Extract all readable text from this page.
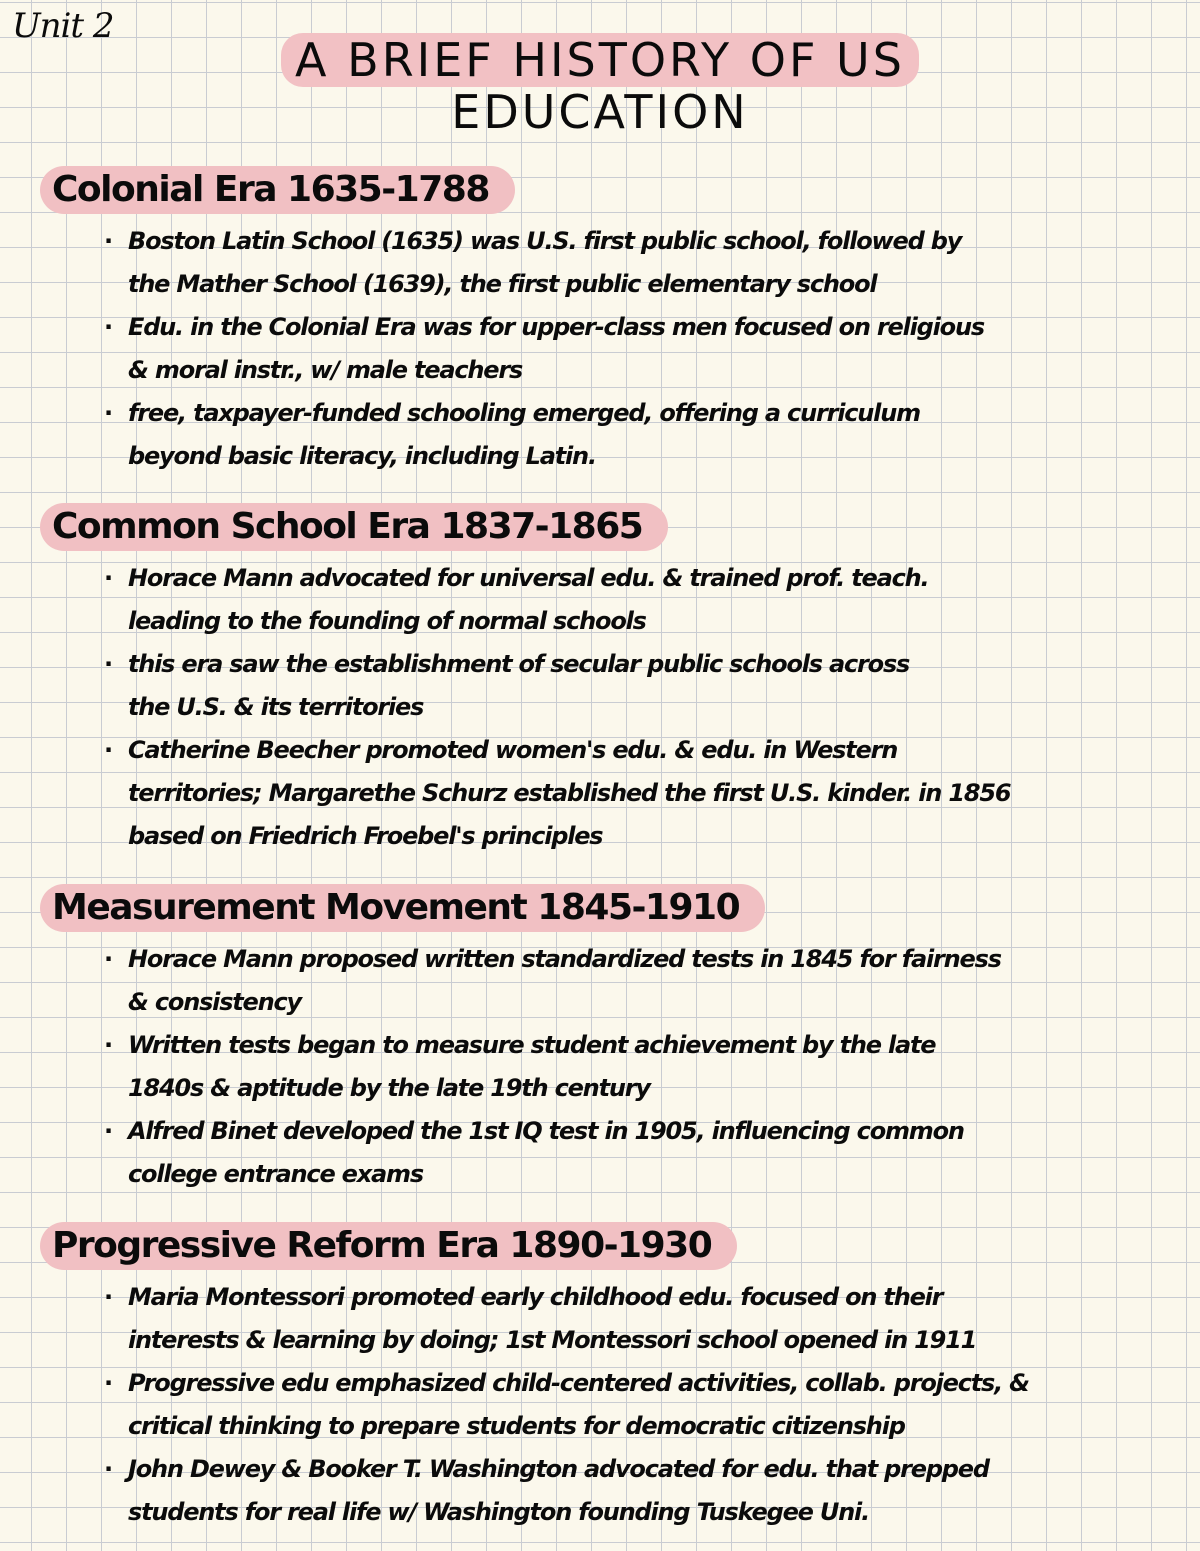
Unit 2
A BRIEF HISTORY OF US
EDUCATION
Colonial Era 1635-1788
· Boston Latin School (1635) was U.S. first public school, followed by
the Mather School (1639), the first public elementary school
· Edu. in the Colonial Era was for upper-class men focused on religious
& moral instr., w/ male teachers
· free, taxpayer-funded schooling emerged, offering a curriculum
beyond basic literacy, including Latin.
Common School Era 1837-1865
· Horace Mann advocated for universal edu. & trained prof. teach.
leading to the founding of normal schools
· this era saw the establishment of secular public schools across
the U.S. & its territories
· Catherine Beecher promoted women's edu. & edu. in Western
territories; Margarethe Schurz established the first U.S. kinder. in 1856
based on Friedrich Froebel's principles
Measurement Movement 1845-1910
· Horace Mann proposed written standardized tests in 1845 for fairness
& consistency
· Written tests began to measure student achievement by the late
1840s & aptitude by the late 19th century
· Alfred Binet developed the 1st IQ test in 1905, influencing common
college entrance exams
Progressive Reform Era 1890-1930
· Maria Montessori promoted early childhood edu. focused on their
interests & learning by doing; 1st Montessori school opened in 1911
· Progressive edu emphasized child-centered activities, collab. projects, &
critical thinking to prepare students for democratic citizenship
· John Dewey & Booker T. Washington advocated for edu. that prepped
students for real life w/ Washington founding Tuskegee Uni.
